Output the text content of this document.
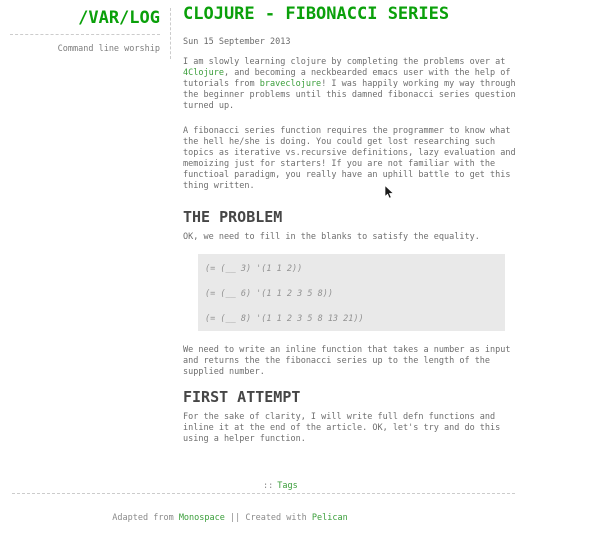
/VAR/LOG
Command line worship
CLOJURE - FIBONACCI SERIES
Sun 15 September 2013

I am slowly learning clojure by completing the problems over at 4Clojure, and becoming a neckbearded emacs user with the help of tutorials from braveclojure! I was happily working my way through the beginner problems until this damned fibonacci series question turned up.

A fibonacci series function requires the programmer to know what the hell he/she is doing. You could get lost researching such topics as iterative vs.recursive definitions, lazy evaluation and memoizing just for starters! If you are not familiar with the functioal paradigm, you really have an uphill battle to get this thing written.

THE PROBLEM

OK, we need to fill in the blanks to satisfy the equality.

(= (__ 3) '(1 1 2))
(= (__ 6) '(1 1 2 3 5 8))
(= (__ 8) '(1 1 2 3 5 8 13 21))

We need to write an inline function that takes a number as input and returns the the fibonacci series up to the length of the supplied number.

FIRST ATTEMPT

For the sake of clarity, I will write full defn functions and inline it at the end of the article. OK, let's try and do this using a helper function.

:: Tags
Adapted from Monospace || Created with Pelican
